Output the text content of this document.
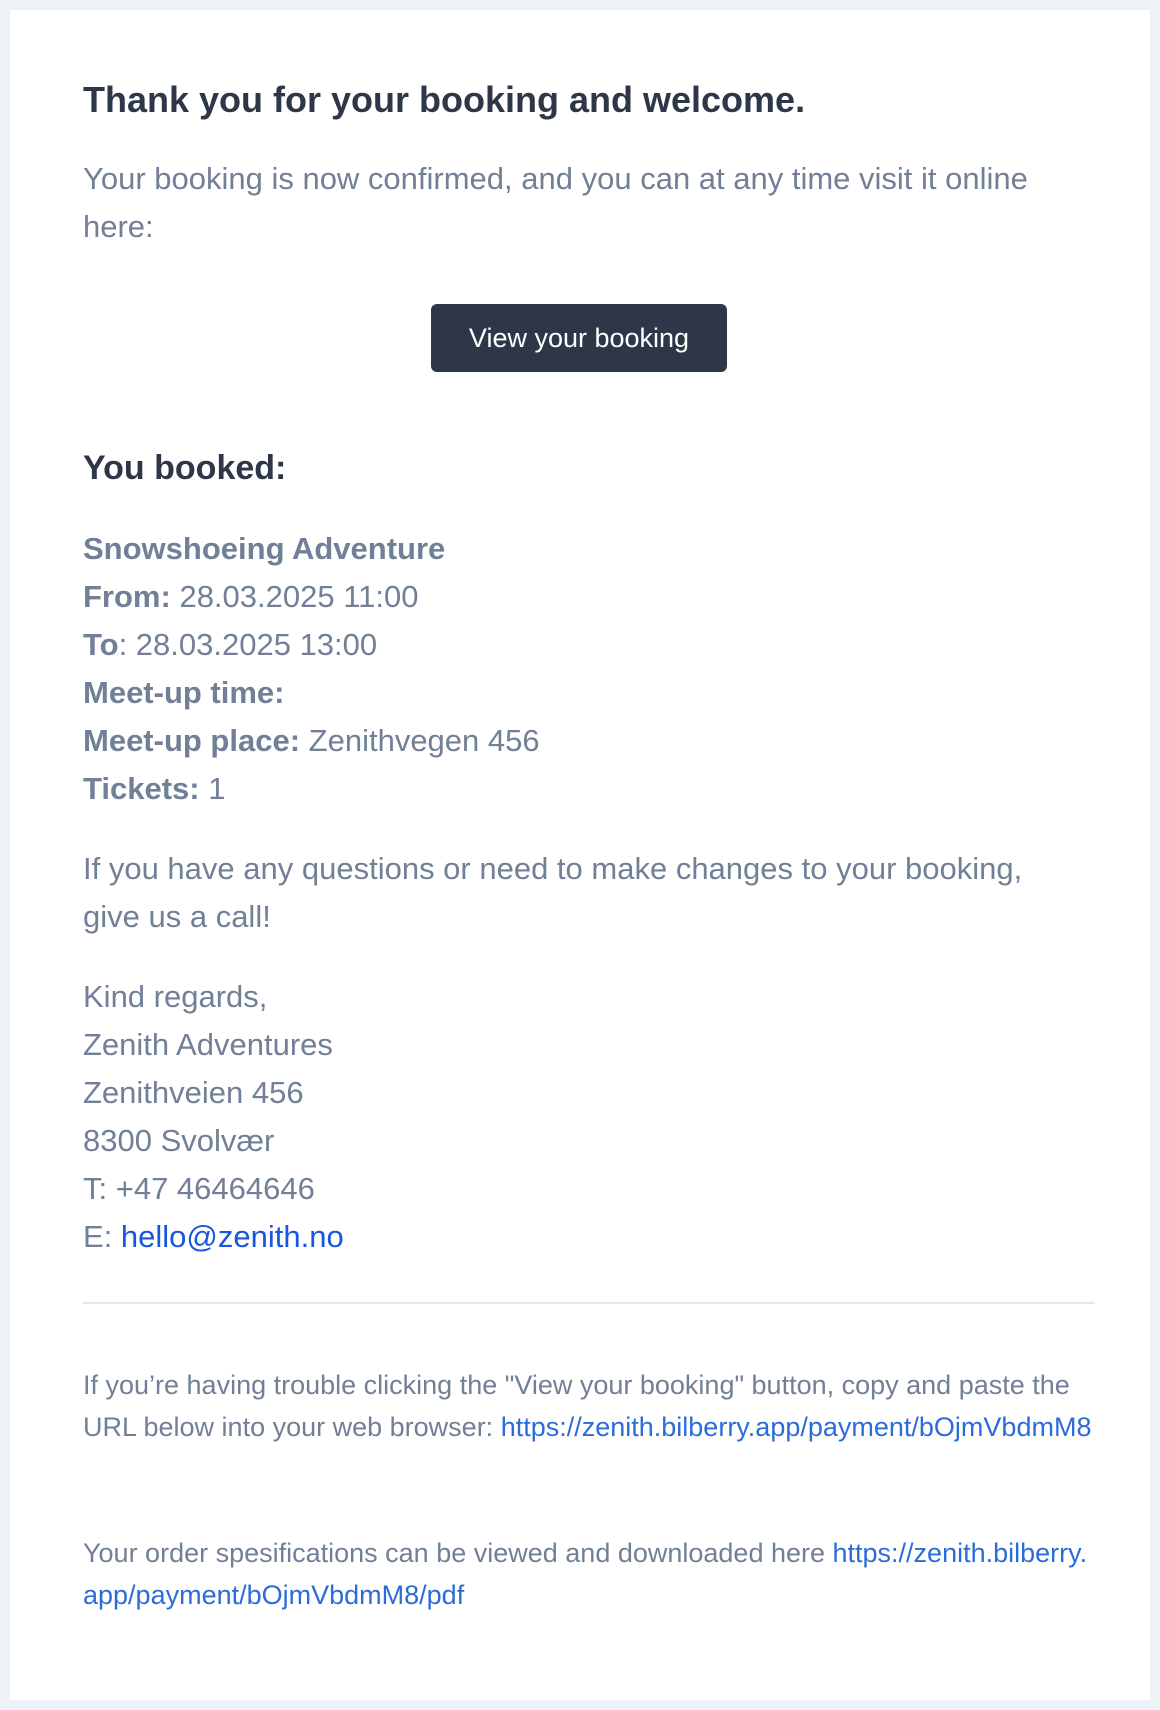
Thank you for your booking and welcome.

Your booking is now confirmed, and you can at any time visit it online here:

View your booking
You booked:
Snowshoeing Adventure
From: 28.03.2025 11:00
To: 28.03.2025 13:00
Meet-up time:
Meet-up place: Zenithvegen 456
Tickets: 1
If you have any questions or need to make changes to your booking, give us a call!
Kind regards,
Zenith Adventures
Zenithveien 456
8300 Svolvær
T: +47 46464646
E: hello@zenith.no
If you’re having trouble clicking the "View your booking" button, copy and paste the URL below into your web browser: https://zenith.bilberry.app/payment/bOjmVbdmM8
Your order spesifications can be viewed and downloaded here https://zenith.bilberry.app/payment/bOjmVbdmM8/pdf
